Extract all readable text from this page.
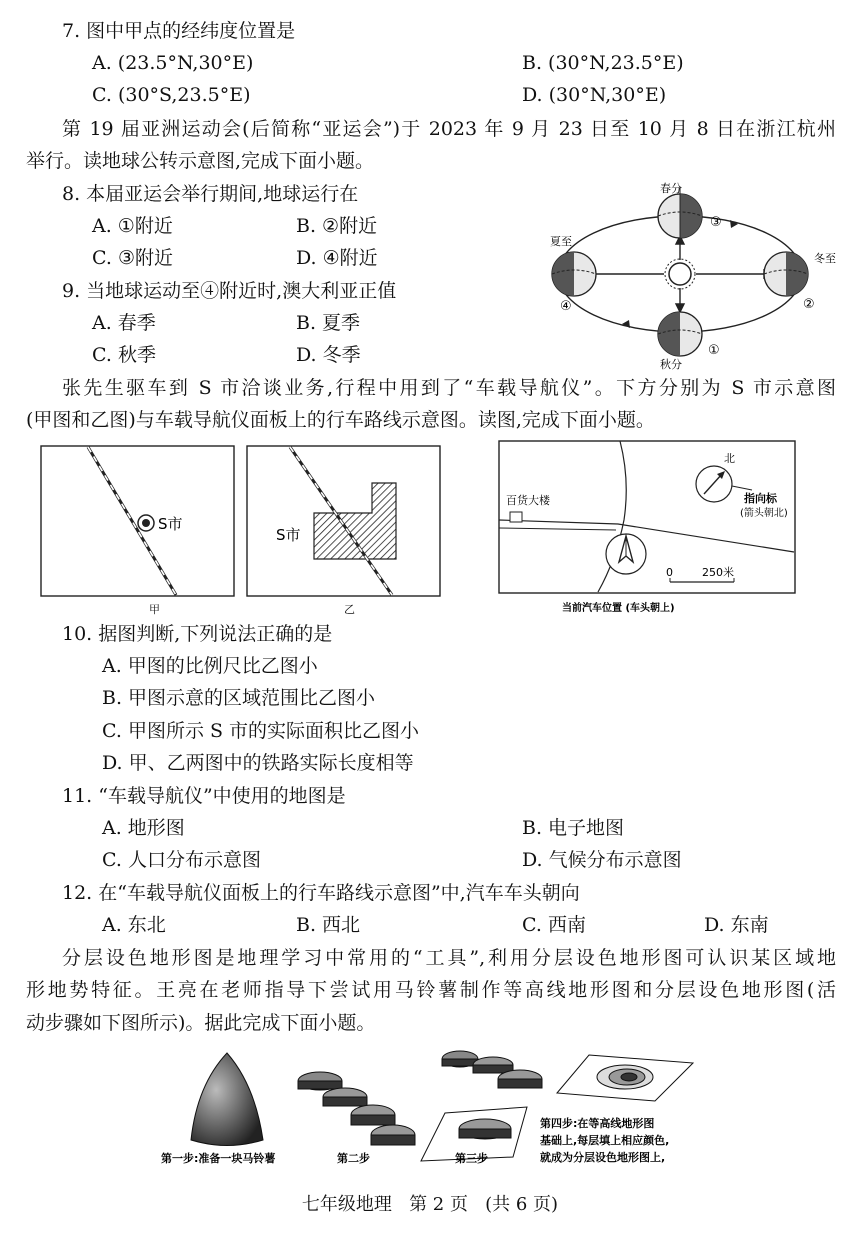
7. 图中甲点的经纬度位置是
A. (23.5°N,30°E)	B. (30°N,23.5°E)
C. (30°S,23.5°E)	D. (30°N,30°E)
第 19 届亚洲运动会(后简称“亚运会”)于 2023 年 9 月 23 日至 10 月 8 日在浙江杭州
举行。读地球公转示意图,完成下面小题。
8. 本届亚运会举行期间,地球运行在
A. ①附近	B. ②附近
C. ③附近	D. ④附近
9. 当地球运动至④附近时,澳大利亚正值
A. 春季	B. 夏季
C. 秋季	D. 冬季
春分
③
夏至
冬至
④	②
①
秋分
张先生驱车到 S 市洽谈业务,行程中用到了“车载导航仪”。下方分别为 S 市示意图
(甲图和乙图)与车载导航仪面板上的行车路线示意图。读图,完成下面小题。
S市
甲
S市
乙
百货大楼
北
指向标
(箭头朝北)
0	250米
当前汽车位置 (车头朝上)
10. 据图判断,下列说法正确的是
A. 甲图的比例尺比乙图小
B. 甲图示意的区域范围比乙图小
C. 甲图所示 S 市的实际面积比乙图小
D. 甲、乙两图中的铁路实际长度相等
11. “车载导航仪”中使用的地图是
A. 地形图	B. 电子地图
C. 人口分布示意图	D. 气候分布示意图
12. 在“车载导航仪面板上的行车路线示意图”中,汽车车头朝向
A. 东北	B. 西北	C. 西南	D. 东南
分层设色地形图是地理学习中常用的“工具”,利用分层设色地形图可认识某区域地
形地势特征。王亮在老师指导下尝试用马铃薯制作等高线地形图和分层设色地形图(活
动步骤如下图所示)。据此完成下面小题。
第一步:准备一块马铃薯	第二步	第三步
第四步:在等高线地形图
基础上,每层填上相应颜色,
就成为分层设色地形图上,
七年级地理   第 2 页   (共 6 页)
